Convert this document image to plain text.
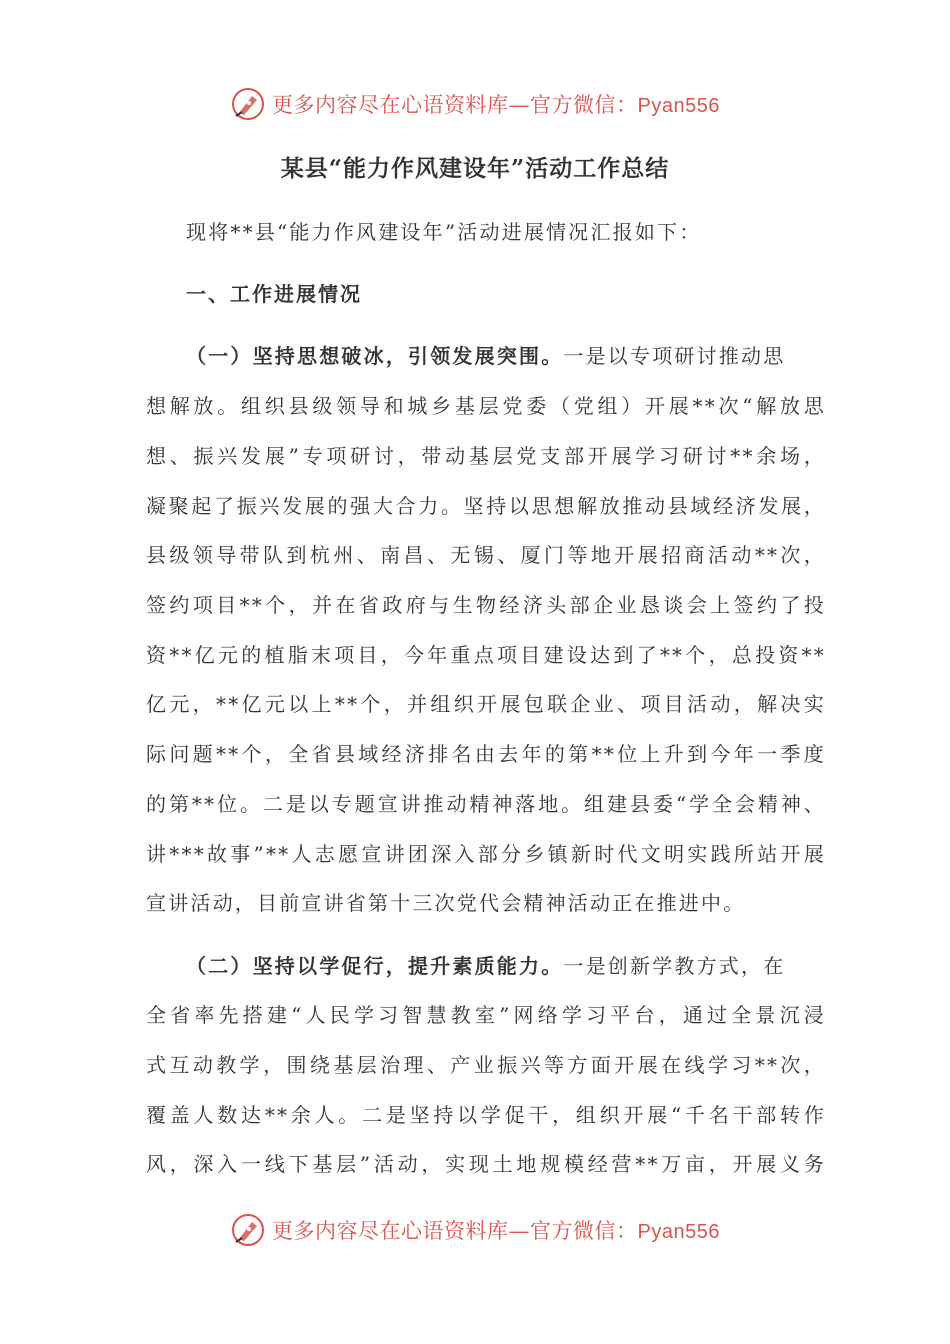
更多内容尽在心语资料库—官方微信：Pyan556
某县“能力作风建设年”活动工作总结
现将**县“能力作风建设年”活动进展情况汇报如下：
一、工作进展情况
（一）坚持思想破冰，引领发展突围。一是以专项研讨推动思
想解放。组织县级领导和城乡基层党委（党组）开展**次“解放思
想、振兴发展”专项研讨，带动基层党支部开展学习研讨**余场，
凝聚起了振兴发展的强大合力。坚持以思想解放推动县域经济发展，
县级领导带队到杭州、南昌、无锡、厦门等地开展招商活动**次，
签约项目**个，并在省政府与生物经济头部企业恳谈会上签约了投
资**亿元的植脂末项目，今年重点项目建设达到了**个，总投资**
亿元，**亿元以上**个，并组织开展包联企业、项目活动，解决实
际问题**个，全省县域经济排名由去年的第**位上升到今年一季度
的第**位。二是以专题宣讲推动精神落地。组建县委“学全会精神、
讲***故事”**人志愿宣讲团深入部分乡镇新时代文明实践所站开展
宣讲活动，目前宣讲省第十三次党代会精神活动正在推进中。
（二）坚持以学促行，提升素质能力。一是创新学教方式，在
全省率先搭建“人民学习智慧教室”网络学习平台，通过全景沉浸
式互动教学，围绕基层治理、产业振兴等方面开展在线学习**次，
覆盖人数达**余人。二是坚持以学促干，组织开展“千名干部转作
风，深入一线下基层”活动，实现土地规模经营**万亩，开展义务
更多内容尽在心语资料库—官方微信：Pyan556
